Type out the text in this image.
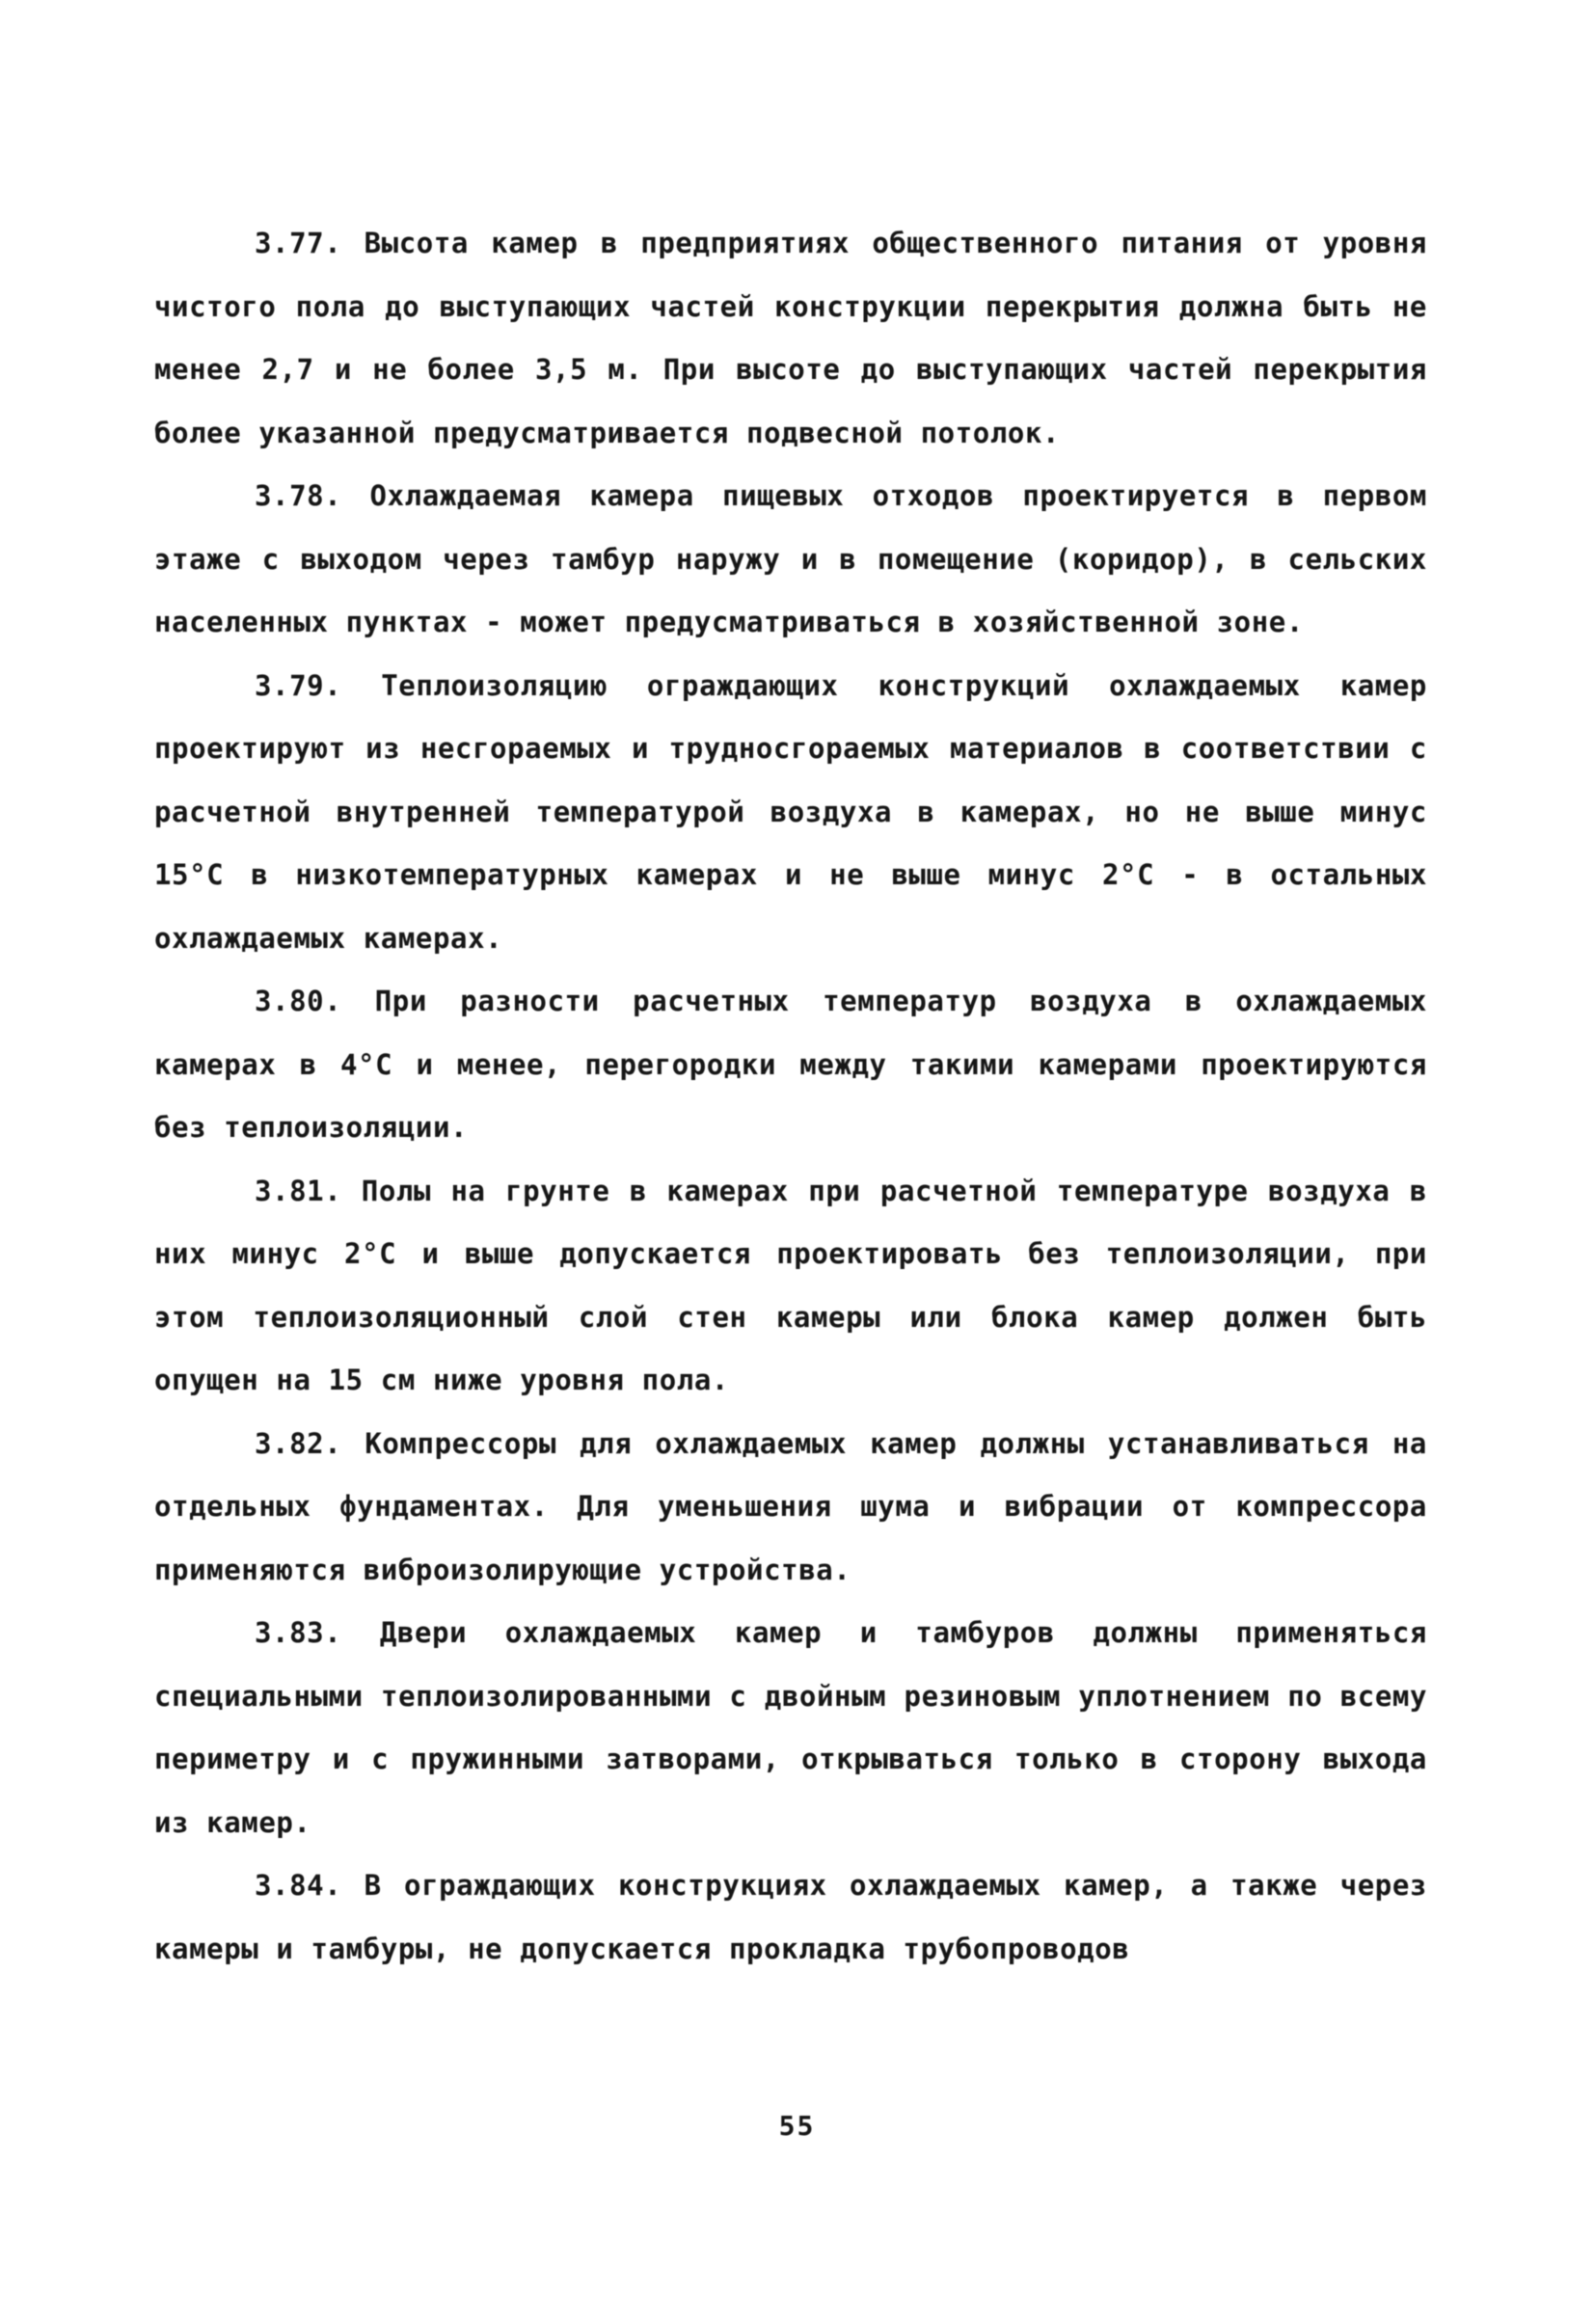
3.77. Высота камер в предприятиях общественного питания от уровня чистого пола до выступающих частей конструкции перекрытия должна быть не менее 2,7 и не более 3,5 м. При высоте до выступающих частей перекрытия более указанной предусматривается подвесной потолок.

3.78. Охлаждаемая камера пищевых отходов проектируется в первом этаже с выходом через тамбур наружу и в помещение (коридор), в сельских населенных пунктах - может предусматриваться в хозяйственной зоне.

3.79. Теплоизоляцию ограждающих конструкций охлаждаемых камер проектируют из несгораемых и трудносгораемых материалов в соответствии с расчетной внутренней температурой воздуха в камерах, но не выше минус 15°С в низкотемпературных камерах и не выше минус 2°С - в остальных охлаждаемых камерах.

3.80. При разности расчетных температур воздуха в охлаждаемых камерах в 4°С и менее, перегородки между такими камерами проектируются без теплоизоляции.

3.81. Полы на грунте в камерах при расчетной температуре воздуха в них минус 2°С и выше допускается проектировать без теплоизоляции, при этом теплоизоляционный слой стен камеры или блока камер должен быть опущен на 15 см ниже уровня пола.

3.82. Компрессоры для охлаждаемых камер должны устанавливаться на отдельных фундаментах. Для уменьшения шума и вибрации от компрессора применяются виброизолирующие устройства.

3.83. Двери охлаждаемых камер и тамбуров должны применяться специальными теплоизолированными с двойным резиновым уплотнением по всему периметру и с пружинными затворами, открываться только в сторону выхода из камер.

3.84. В ограждающих конструкциях охлаждаемых камер, а также через камеры и тамбуры, не допускается прокладка трубопроводов

55
